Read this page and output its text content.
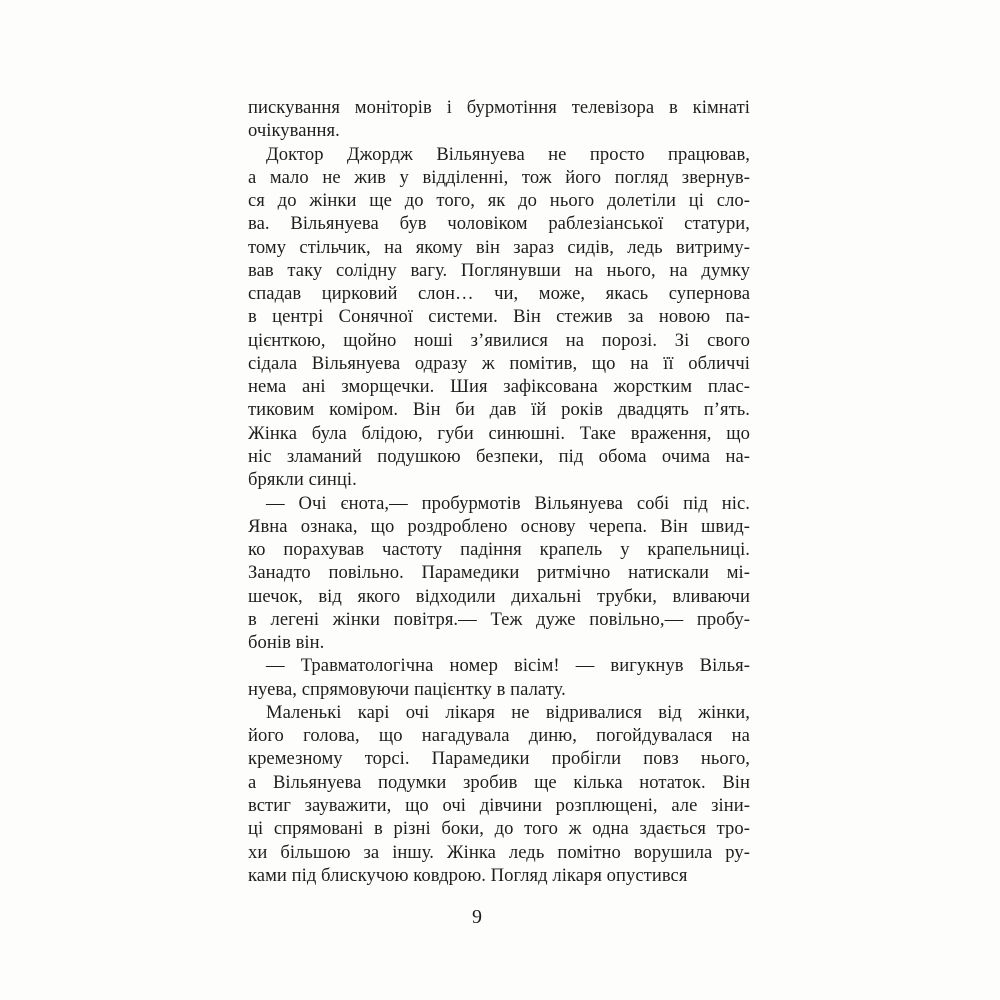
пискування моніторів і бурмотіння телевізора в кімнаті
очікування.
Доктор Джордж Вільянуева не просто працював,
а мало не жив у відділенні, тож його погляд звернув-
ся до жінки ще до того, як до нього долетіли ці сло-
ва. Вільянуева був чоловіком раблезіанської статури,
тому стільчик, на якому він зараз сидів, ледь витриму-
вав таку солідну вагу. Поглянувши на нього, на думку
спадав цирковий слон… чи, може, якась супернова
в центрі Сонячної системи. Він стежив за новою па-
цієнткою, щойно ноші з’явилися на порозі. Зі свого
сідала Вільянуева одразу ж помітив, що на її обличчі
нема ані зморщечки. Шия зафіксована жорстким плас-
тиковим коміром. Він би дав їй років двадцять п’ять.
Жінка була блідою, губи синюшні. Таке враження, що
ніс зламаний подушкою безпеки, під обома очима на-
брякли синці.
— Очі єнота,— пробурмотів Вільянуева собі під ніс.
Явна ознака, що роздроблено основу черепа. Він швид-
ко порахував частоту падіння крапель у крапельниці.
Занадто повільно. Парамедики ритмічно натискали мі-
шечок, від якого відходили дихальні трубки, вливаючи
в легені жінки повітря.— Теж дуже повільно,— пробу-
бонів він.
— Травматологічна номер вісім! — вигукнув Вілья-
нуева, спрямовуючи пацієнтку в палату.
Маленькі карі очі лікаря не відривалися від жінки,
його голова, що нагадувала диню, погойдувалася на
кремезному торсі. Парамедики пробігли повз нього,
а Вільянуева подумки зробив ще кілька нотаток. Він
встиг зауважити, що очі дівчини розплющені, але зіни-
ці спрямовані в різні боки, до того ж одна здається тро-
хи більшою за іншу. Жінка ледь помітно ворушила ру-
ками під блискучою ковдрою. Погляд лікаря опустився
9
